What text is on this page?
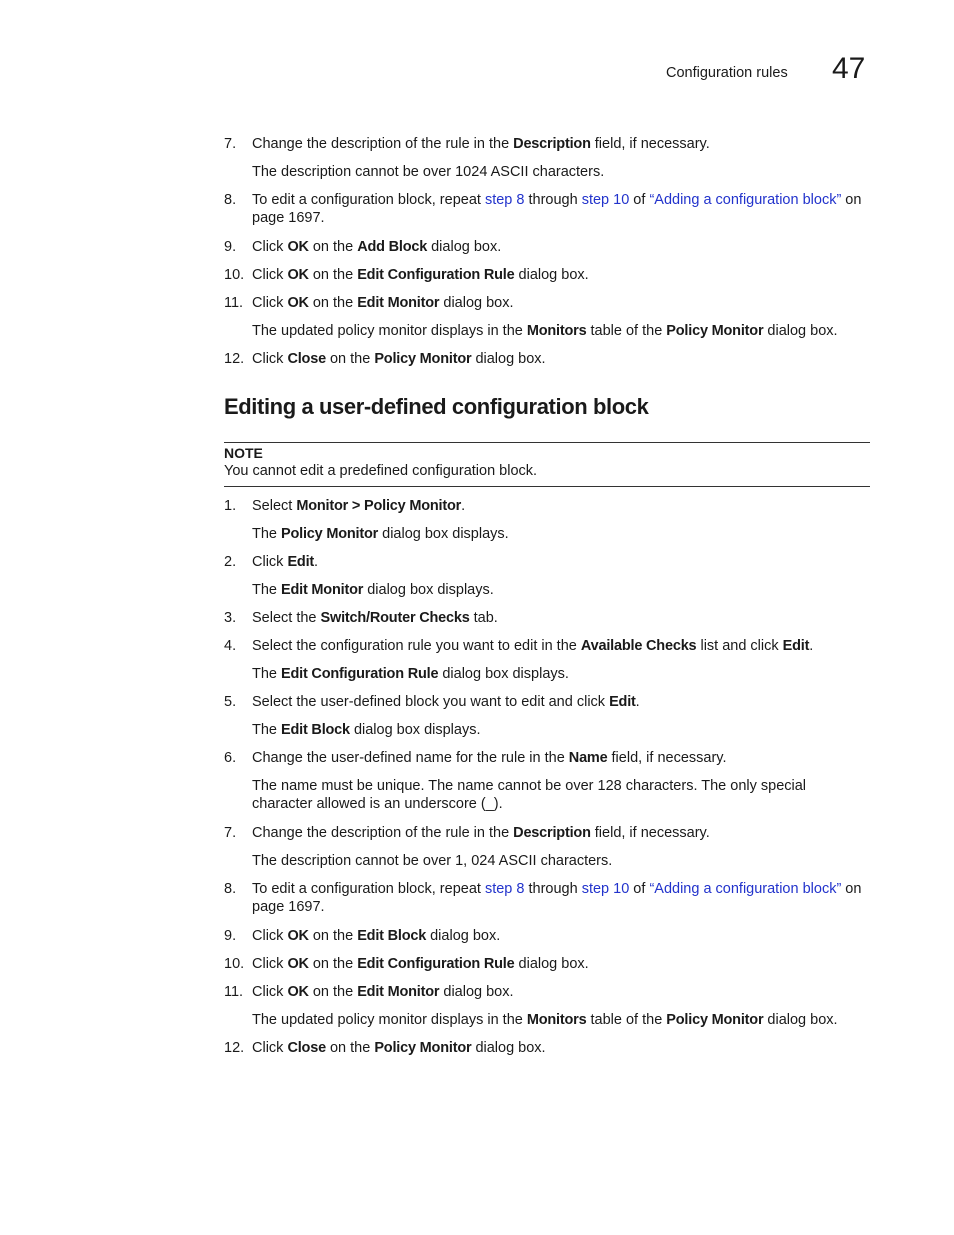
Configuration rules 47
7.	Change the description of the rule in the Description field, if necessary.
The description cannot be over 1024 ASCII characters.
8.	To edit a configuration block, repeat step 8 through step 10 of “Adding a configuration block” on page 1697.
9.	Click OK on the Add Block dialog box.
10. Click OK on the Edit Configuration Rule dialog box.
11. Click OK on the Edit Monitor dialog box.
The updated policy monitor displays in the Monitors table of the Policy Monitor dialog box.
12. Click Close on the Policy Monitor dialog box.
Editing a user-defined configuration block
NOTE
You cannot edit a predefined configuration block.
1.	Select Monitor > Policy Monitor.
The Policy Monitor dialog box displays.
2.	Click Edit.
The Edit Monitor dialog box displays.
3.	Select the Switch/Router Checks tab.
4.	Select the configuration rule you want to edit in the Available Checks list and click Edit.
The Edit Configuration Rule dialog box displays.
5.	Select the user-defined block you want to edit and click Edit.
The Edit Block dialog box displays.
6.	Change the user-defined name for the rule in the Name field, if necessary.
The name must be unique. The name cannot be over 128 characters. The only special character allowed is an underscore (_).
7.	Change the description of the rule in the Description field, if necessary.
The description cannot be over 1, 024 ASCII characters.
8.	To edit a configuration block, repeat step 8 through step 10 of “Adding a configuration block” on page 1697.
9.	Click OK on the Edit Block dialog box.
10. Click OK on the Edit Configuration Rule dialog box.
11. Click OK on the Edit Monitor dialog box.
The updated policy monitor displays in the Monitors table of the Policy Monitor dialog box.
12. Click Close on the Policy Monitor dialog box.
